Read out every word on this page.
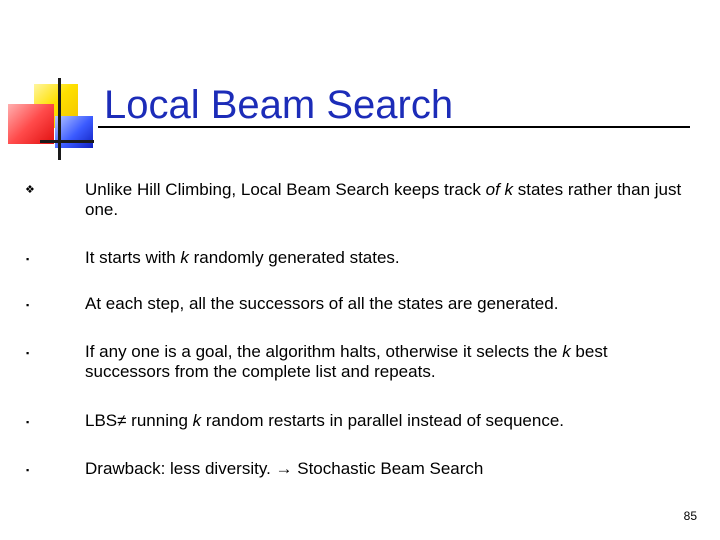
Local Beam Search
❖	Unlike Hill Climbing, Local Beam Search keeps track of k states rather than just one.
▪	It starts with k randomly generated states.
▪	At each step, all the successors of all the states are generated.
▪	If any one is a goal, the algorithm halts, otherwise it selects the k best successors from the complete list and repeats.
▪	LBS≠ running k random restarts in parallel instead of sequence.
▪	Drawback: less diversity. → Stochastic Beam Search
85
